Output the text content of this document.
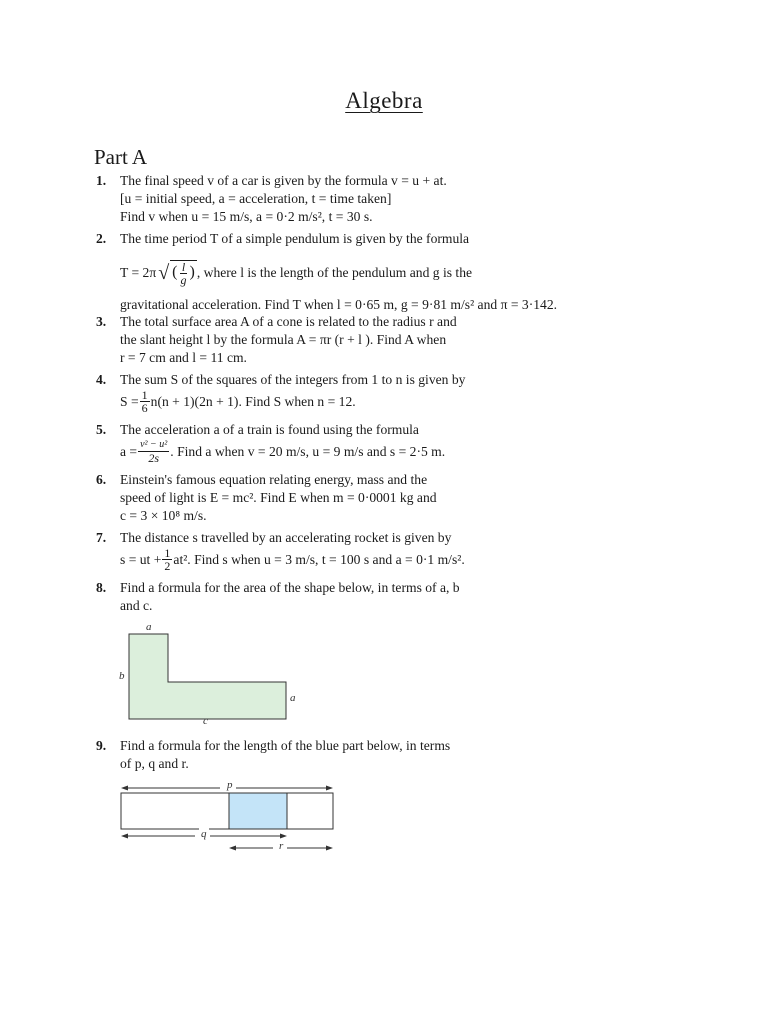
Algebra
Part A
1. The final speed v of a car is given by the formula v = u + at.
[u = initial speed, a = acceleration, t = time taken]
Find v when u = 15 m/s, a = 0·2 m/s², t = 30 s.
2. The time period T of a simple pendulum is given by the formula
T = 2π √ ( $\frac{l}{g}$ ) , where l is the length of the pendulum and g is the
gravitational acceleration. Find T when l = 0·65 m, g = 9·81 m/s² and π = 3·142.
3. The total surface area A of a cone is related to the radius r and
the slant height l by the formula A = πr (r + l ). Find A when
r = 7 cm and l = 11 cm.
4. The sum S of the squares of the integers from 1 to n is given by
$S = \frac{1}{6} n(n + 1)(2n + 1)$. Find S when n = 12.
5. The acceleration a of a train is found using the formula
$a = \frac{\text{v² − u²}}{2s}$ . Find a when v = 20 m/s, u = 9 m/s and s = 2·5 m.
6. Einstein's famous equation relating energy, mass and the
speed of light is E = mc². Find E when m = 0·0001 kg and
c = 3 × 10⁸ m/s.
7. The distance s travelled by an accelerating rocket is given by
s = ut + $\frac{1}{2} at^2$. Find s when u = 3 m/s, t = 100 s and a = 0·1 m/s².
8. Find a formula for the area of the shape below, in terms of a, b
and c.
a
b
a
c
9. Find a formula for the length of the blue part below, in terms
of p, q and r.
p
q
r
